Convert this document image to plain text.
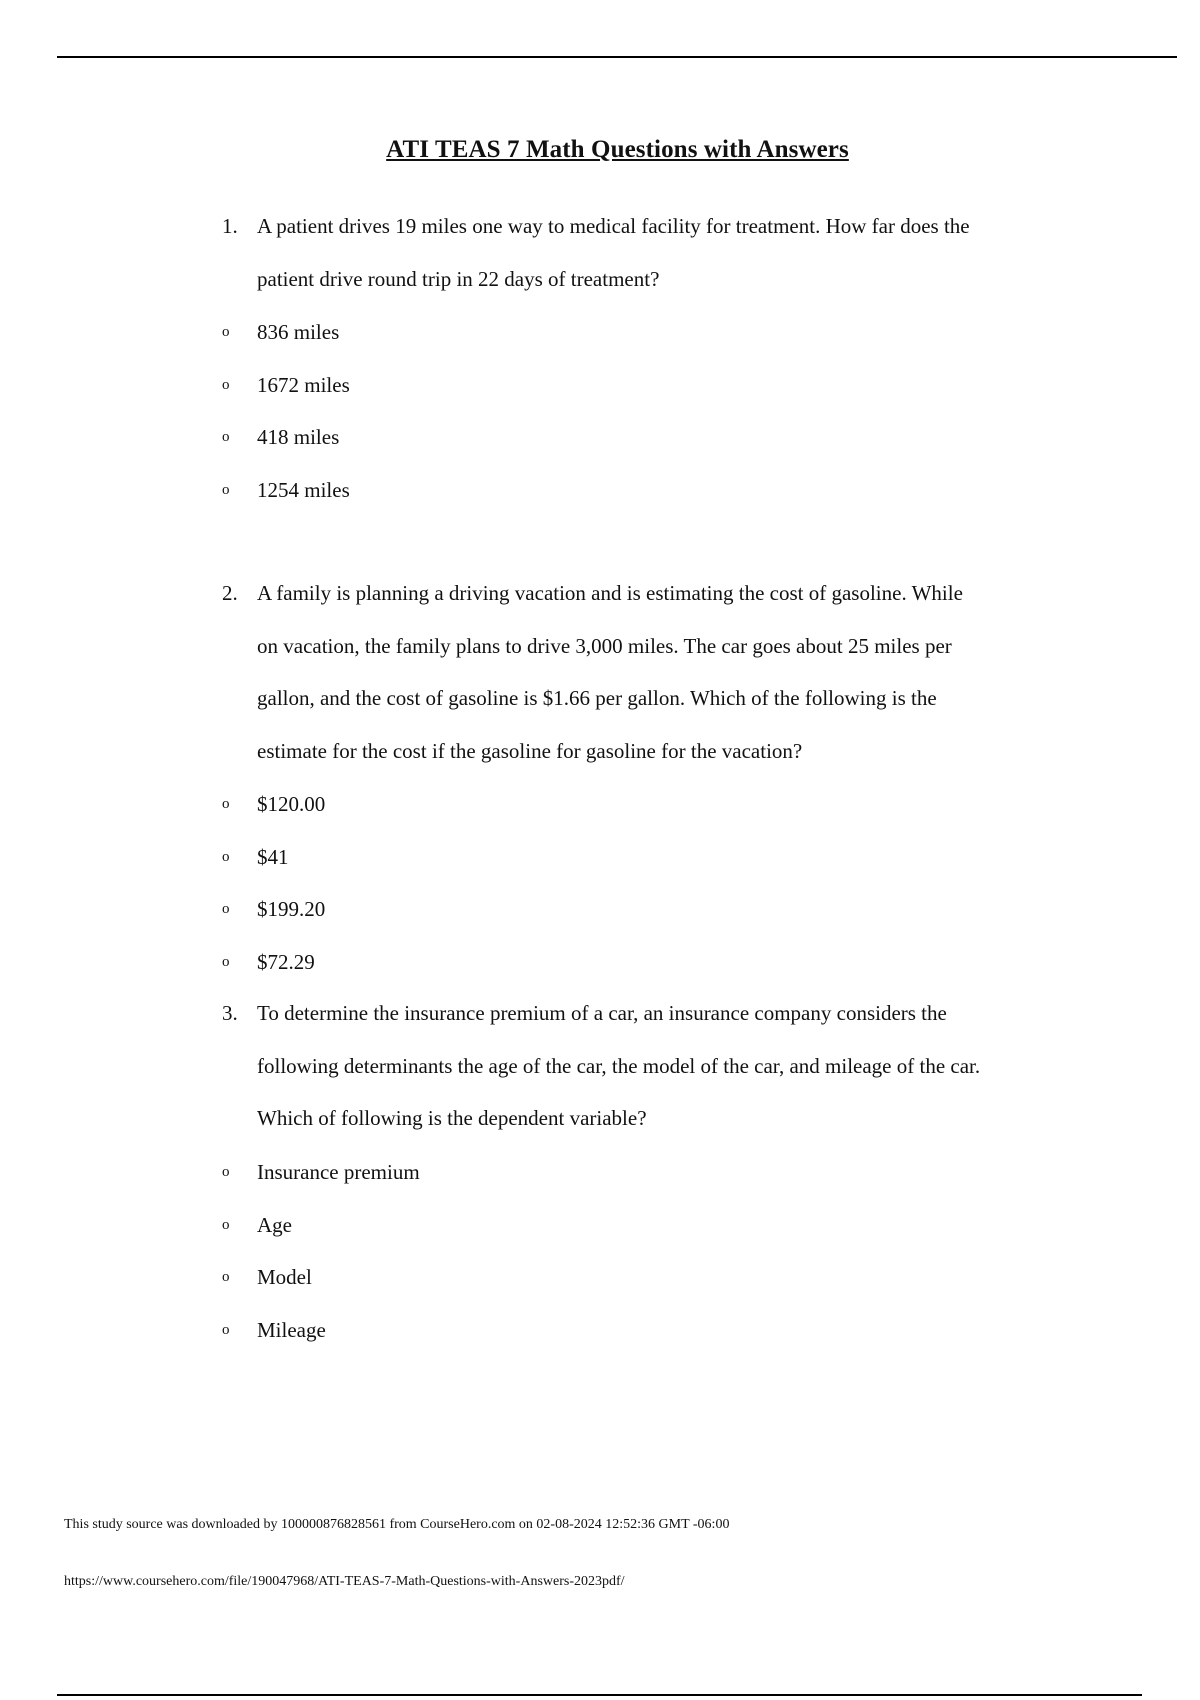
ATI TEAS 7 Math Questions with Answers
1. A patient drives 19 miles one way to medical facility for treatment. How far does the
patient drive round trip in 22 days of treatment?
o	836 miles
o	1672 miles
o	418 miles
o	1254 miles
2. A family is planning a driving vacation and is estimating the cost of gasoline. While
on vacation, the family plans to drive 3,000 miles. The car goes about 25 miles per
gallon, and the cost of gasoline is $1.66 per gallon. Which of the following is the
estimate for the cost if the gasoline for gasoline for the vacation?
o	$120.00
o	$41
o	$199.20
o	$72.29
3. To determine the insurance premium of a car, an insurance company considers the
following determinants the age of the car, the model of the car, and mileage of the car.
Which of following is the dependent variable?
o	Insurance premium
o	Age
o	Model
o	Mileage
This study source was downloaded by 100000876828561 from CourseHero.com on 02-08-2024 12:52:36 GMT -06:00
https://www.coursehero.com/file/190047968/ATI-TEAS-7-Math-Questions-with-Answers-2023pdf/
